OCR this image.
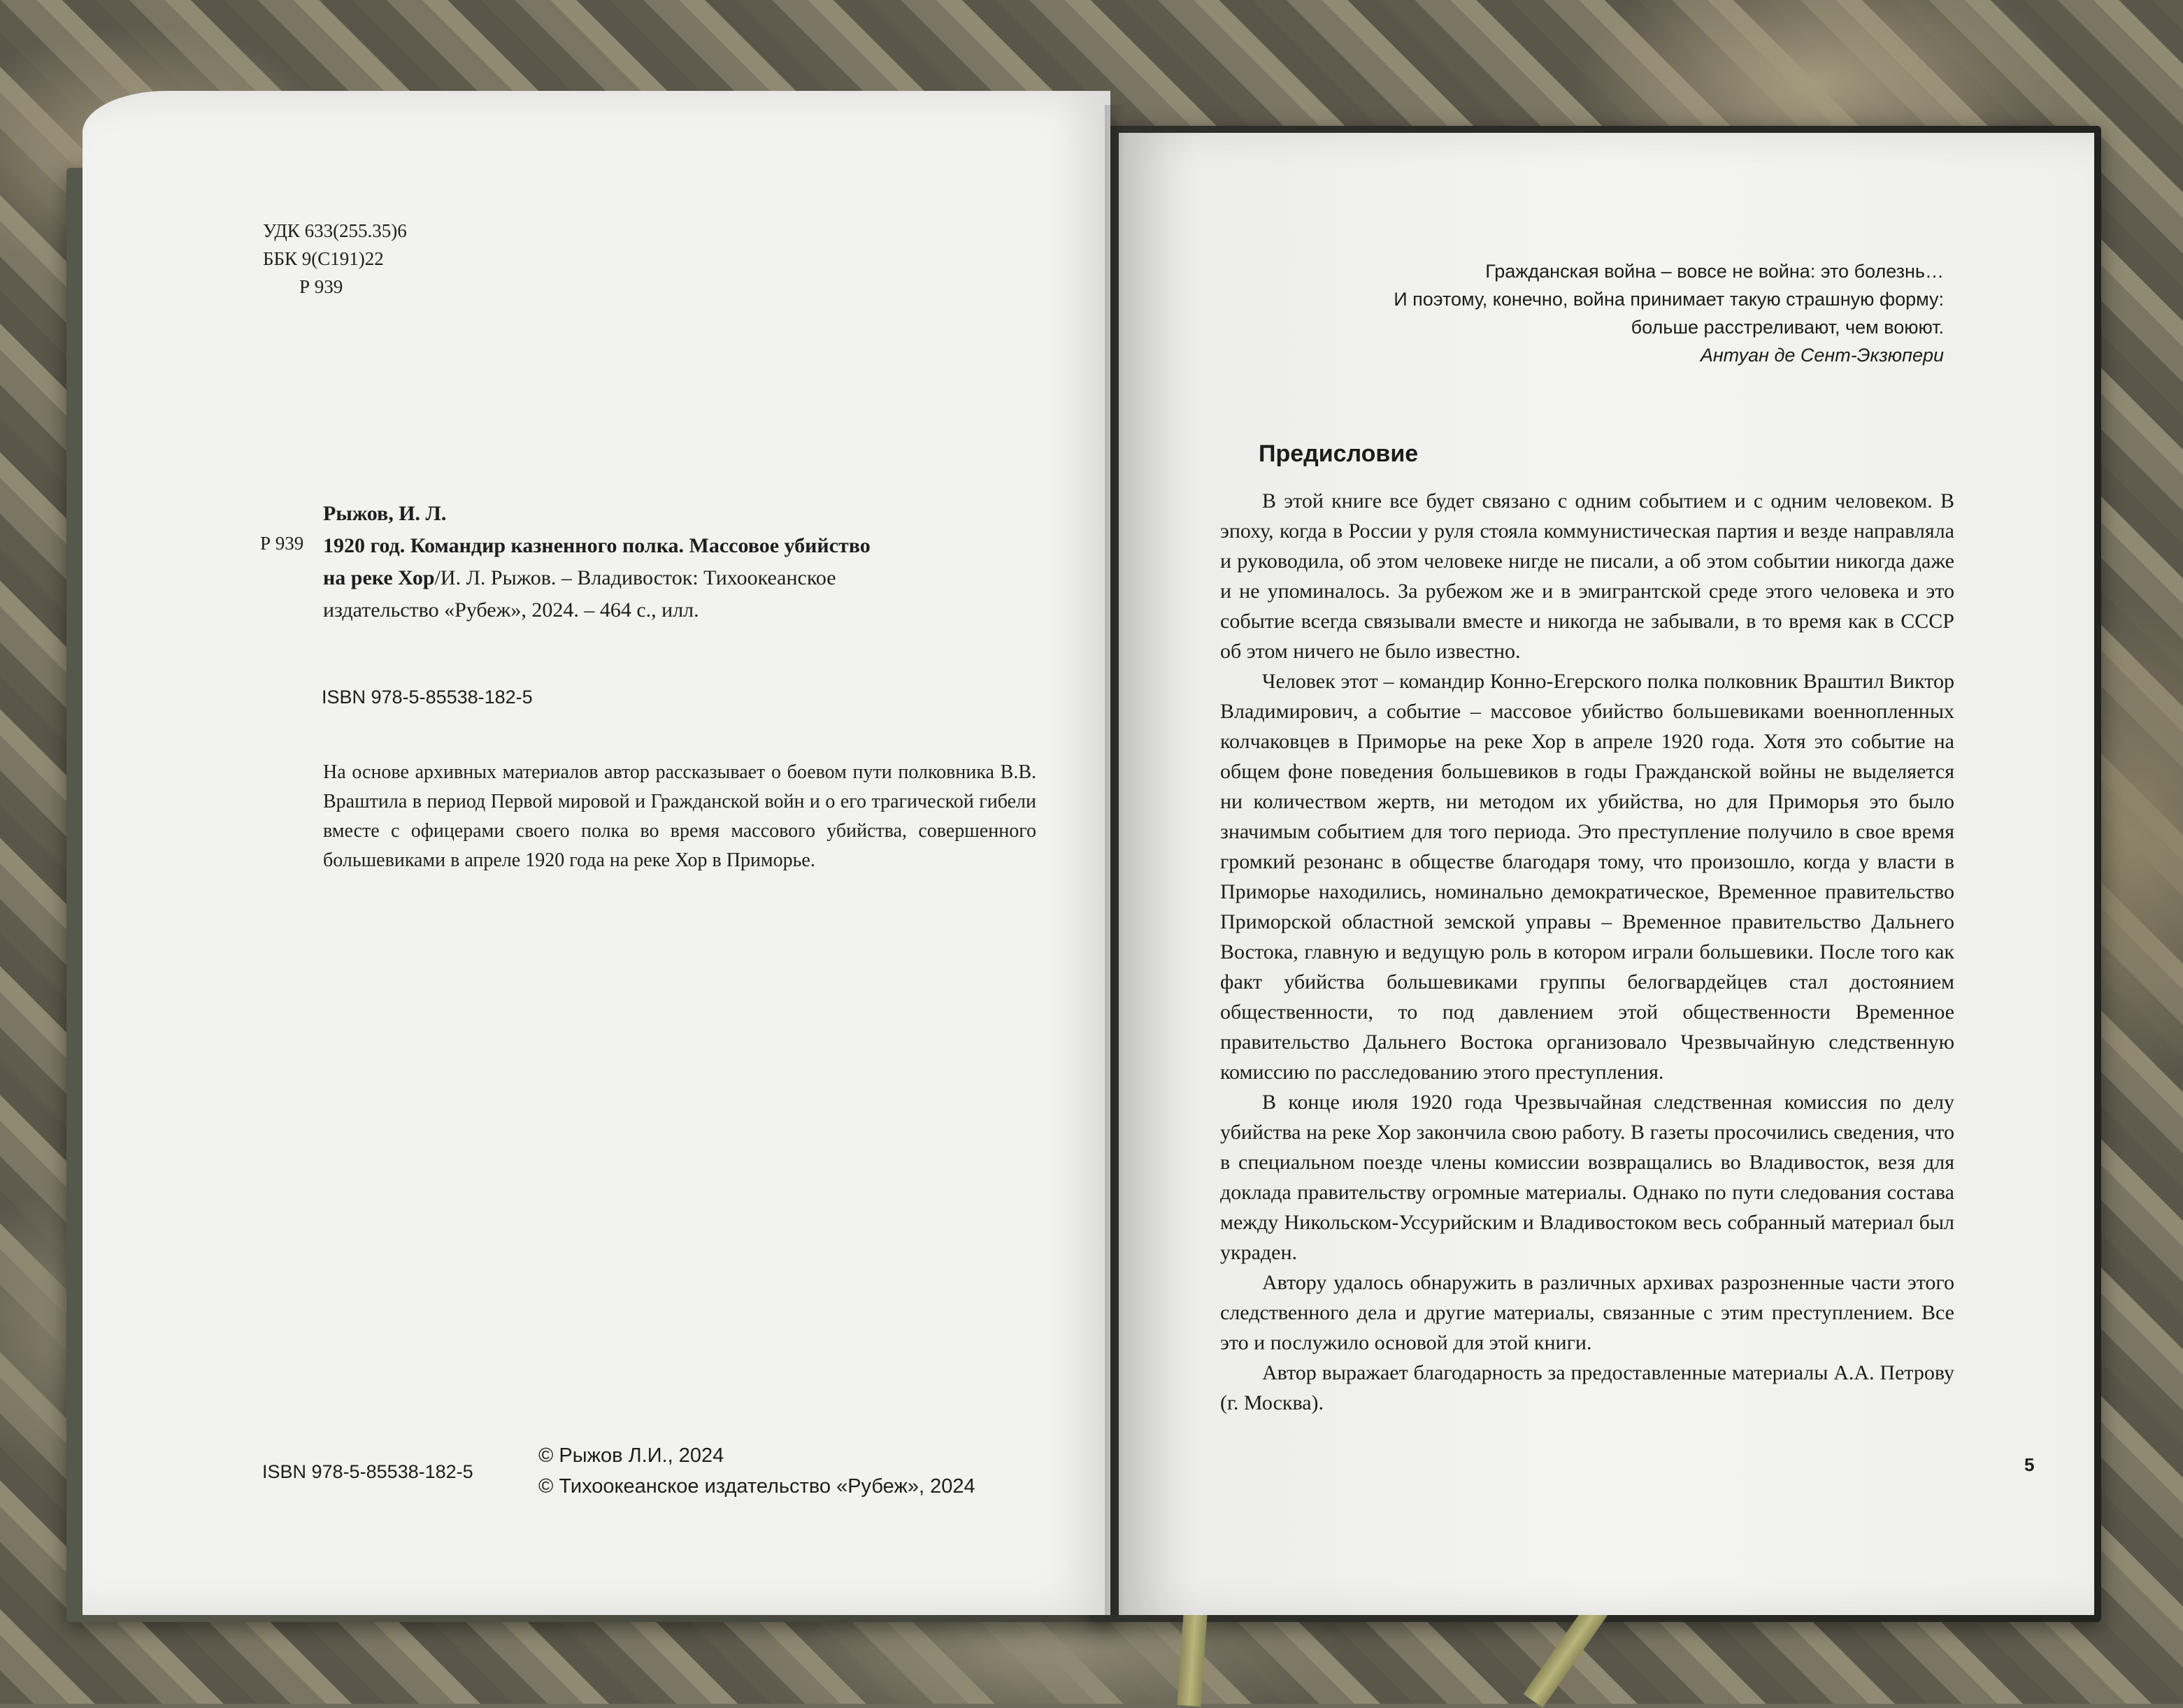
УДК 633(255.35)6
ББК 9(С191)22
Р 939
Р 939
Рыжов, И. Л.
1920 год. Командир казненного полка. Массовое убийство
на реке Хор/И. Л. Рыжов. – Владивосток: Тихоокеанское
издательство «Рубеж», 2024. – 464 с., илл.
ISBN 978-5-85538-182-5
На основе архивных материалов автор рассказывает о боевом пути полковника В.В. Враштила в период Первой мировой и Гражданской войн и о его трагической гибели вместе с офицерами своего полка во время массового убийства, совершенного большевиками в апреле 1920 года на реке Хор в Приморье.
ISBN 978-5-85538-182-5
© Рыжов Л.И., 2024
© Тихоокеанское издательство «Рубеж», 2024
Гражданская война – вовсе не война: это болезнь…
И поэтому, конечно, война принимает такую страшную форму:
больше расстреливают, чем воюют.
Антуан де Сент-Экзюпери
Предисловие

В этой книге все будет связано с одним событием и с одним человеком. В эпоху, когда в России у руля стояла коммунистическая партия и везде направляла и руководила, об этом человеке нигде не писали, а об этом событии никогда даже и не упоминалось. За рубежом же и в эмигрантской среде этого человека и это событие всегда связывали вместе и никогда не забывали, в то время как в СССР об этом ничего не было известно.

Человек этот – командир Конно-Егерского полка полковник Враштил Виктор Владимирович, а событие – массовое убийство большевиками военнопленных колчаковцев в Приморье на реке Хор в апреле 1920 года. Хотя это событие на общем фоне поведения большевиков в годы Гражданской войны не выделяется ни количеством жертв, ни методом их убийства, но для Приморья это было значимым событием для того периода. Это преступление получило в свое время громкий резонанс в обществе благодаря тому, что произошло, когда у власти в Приморье находились, номинально демократическое, Временное правительство Приморской областной земской управы – Временное правительство Дальнего Востока, главную и ведущую роль в котором играли большевики. После того как факт убийства большевиками группы белогвардейцев стал достоянием общественности, то под давлением этой общественности Временное правительство Дальнего Востока организовало Чрезвычайную следственную комиссию по расследованию этого преступления.

В конце июля 1920 года Чрезвычайная следственная комиссия по делу убийства на реке Хор закончила свою работу. В газеты просочились сведения, что в специальном поезде члены комиссии возвращались во Владивосток, везя для доклада правительству огромные материалы. Однако по пути следования состава между Никольском-Уссурийским и Владивостоком весь собранный материал был украден.

Автору удалось обнаружить в различных архивах разрозненные части этого следственного дела и другие материалы, связанные с этим преступлением. Все это и послужило основой для этой книги.

Автор выражает благодарность за предоставленные материалы А.А. Петрову (г. Москва).

5
